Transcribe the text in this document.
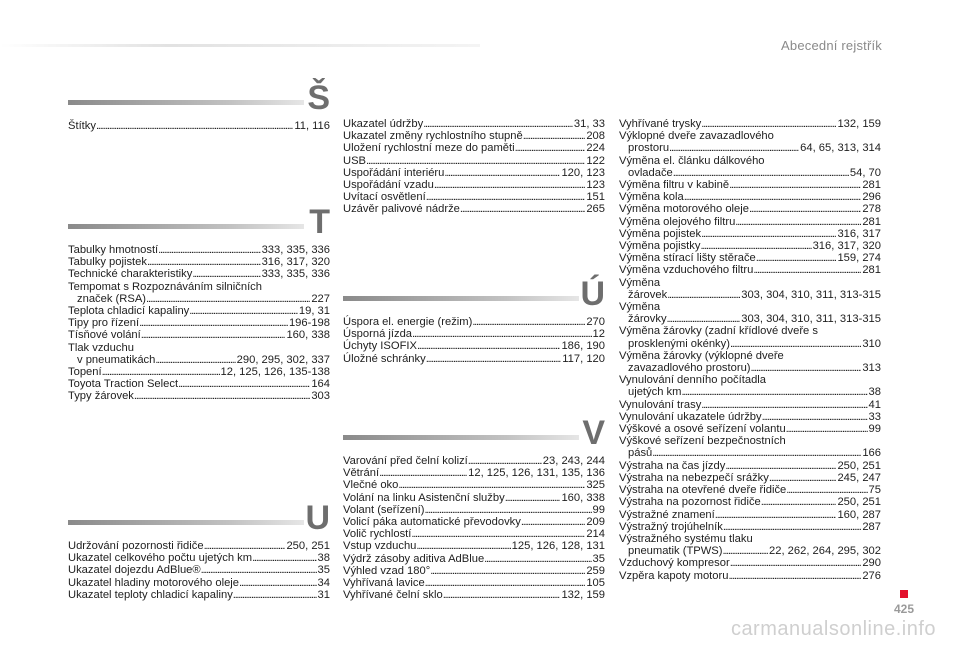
Abecední rejstřík
Š
Štítky . . .	11, 116
T
Tabulky hmotností . . .	333, 335, 336
Tabulky pojistek . . .	316, 317, 320
Technické charakteristiky . . .	333, 335, 336
Tempomat s Rozpoznáváním silničních
značek (RSA) . . .	227
Teplota chladicí kapaliny . . .	19, 31
Tipy pro řízení . . .	196-198
Tísňové volání . . .	160, 338
Tlak vzduchu
v pneumatikách . . .	290, 295, 302, 337
Topení . . .	12, 125, 126, 135-138
Toyota Traction Select . . .	164
Typy žárovek . . .	303
U
Udržování pozornosti řidiče . . .	250, 251
Ukazatel celkového počtu ujetých km . . .	38
Ukazatel dojezdu AdBlue® . . .	35
Ukazatel hladiny motorového oleje . . .	34
Ukazatel teploty chladicí kapaliny . . .	31
Ukazatel údržby . . .	31, 33
Ukazatel změny rychlostního stupně . . .	208
Uložení rychlostní meze do paměti . . .	224
USB . . .	122
Uspořádání interiéru . . .	120, 123
Uspořádání vzadu . . .	123
Uvítací osvětlení . . .	151
Uzávěr palivové nádrže . . .	265
Ú
Úspora el. energie (režim) . . .	270
Úsporná jízda . . .	12
Úchyty ISOFIX . . .	186, 190
Úložné schránky . . .	117, 120
V
Varování před čelní kolizí . . .	23, 243, 244
Větrání . . .	12, 125, 126, 131, 135, 136
Vlečné oko . . .	325
Volání na linku Asistenční služby . . .	160, 338
Volant (seřízení) . . .	99
Volicí páka automatické převodovky . . .	209
Volič rychlostí . . .	214
Vstup vzduchu . . .	125, 126, 128, 131
Výdrž zásoby aditiva AdBlue . . .	35
Výhled vzad 180° . . .	259
Vyhřívaná lavice . . .	105
Vyhřívané čelní sklo . . .	132, 159
Vyhřívané trysky . . .	132, 159
Výklopné dveře zavazadlového
prostoru . . .	64, 65, 313, 314
Výměna el. článku dálkového
ovladače . . .	54, 70
Výměna filtru v kabině . . .	281
Výměna kola . . .	296
Výměna motorového oleje . . .	278
Výměna olejového filtru . . .	281
Výměna pojistek . . .	316, 317
Výměna pojistky . . .	316, 317, 320
Výměna stírací lišty stěrače . . .	159, 274
Výměna vzduchového filtru . . .	281
Výměna
žárovek . . .	303, 304, 310, 311, 313-315
Výměna
žárovky . . .	303, 304, 310, 311, 313-315
Výměna žárovky (zadní křídlové dveře s
prosklenými okénky) . . .	310
Výměna žárovky (výklopné dveře
zavazadlového prostoru) . . .	313
Vynulování denního počítadla
ujetých km . . .	38
Vynulování trasy . . .	41
Vynulování ukazatele údržby . . .	33
Výškové a osové seřízení volantu . . .	99
Výškové seřízení bezpečnostních
pásů . . .	166
Výstraha na čas jízdy . . .	250, 251
Výstraha na nebezpečí srážky . . .	245, 247
Výstraha na otevřené dveře řidiče . . .	75
Výstraha na pozornost řidiče . . .	250, 251
Výstražné znamení . . .	160, 287
Výstražný trojúhelník . . .	287
Výstražného systému tlaku
pneumatik (TPWS) . . .	22, 262, 264, 295, 302
Vzduchový kompresor . . .	290
Vzpěra kapoty motoru . . .	276
425
carmanualsonline.info
